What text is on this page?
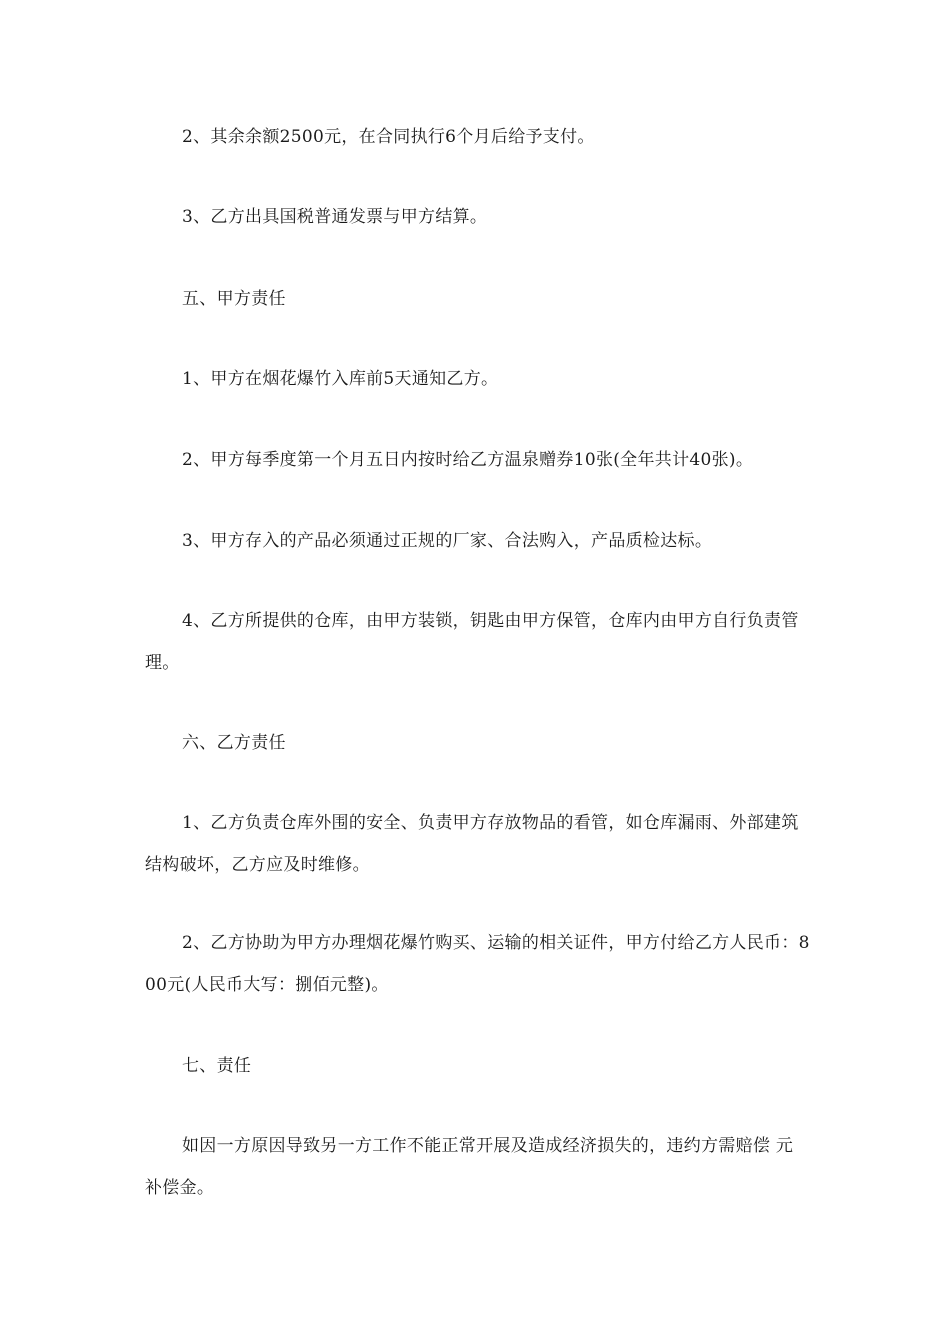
2、其余余额2500元，在合同执行6个月后给予支付。

3、乙方出具国税普通发票与甲方结算。

五、甲方责任

1、甲方在烟花爆竹入库前5天通知乙方。

2、甲方每季度第一个月五日内按时给乙方温泉赠券10张(全年共计40张)。

3、甲方存入的产品必须通过正规的厂家、合法购入，产品质检达标。

4、乙方所提供的仓库，由甲方装锁，钥匙由甲方保管，仓库内由甲方自行负责管理。

六、乙方责任

1、乙方负责仓库外围的安全、负责甲方存放物品的看管，如仓库漏雨、外部建筑结构破坏，乙方应及时维修。

2、乙方协助为甲方办理烟花爆竹购买、运输的相关证件，甲方付给乙方人民币：800元(人民币大写：捌佰元整)。

七、责任

如因一方原因导致另一方工作不能正常开展及造成经济损失的，违约方需赔偿 元补偿金。
